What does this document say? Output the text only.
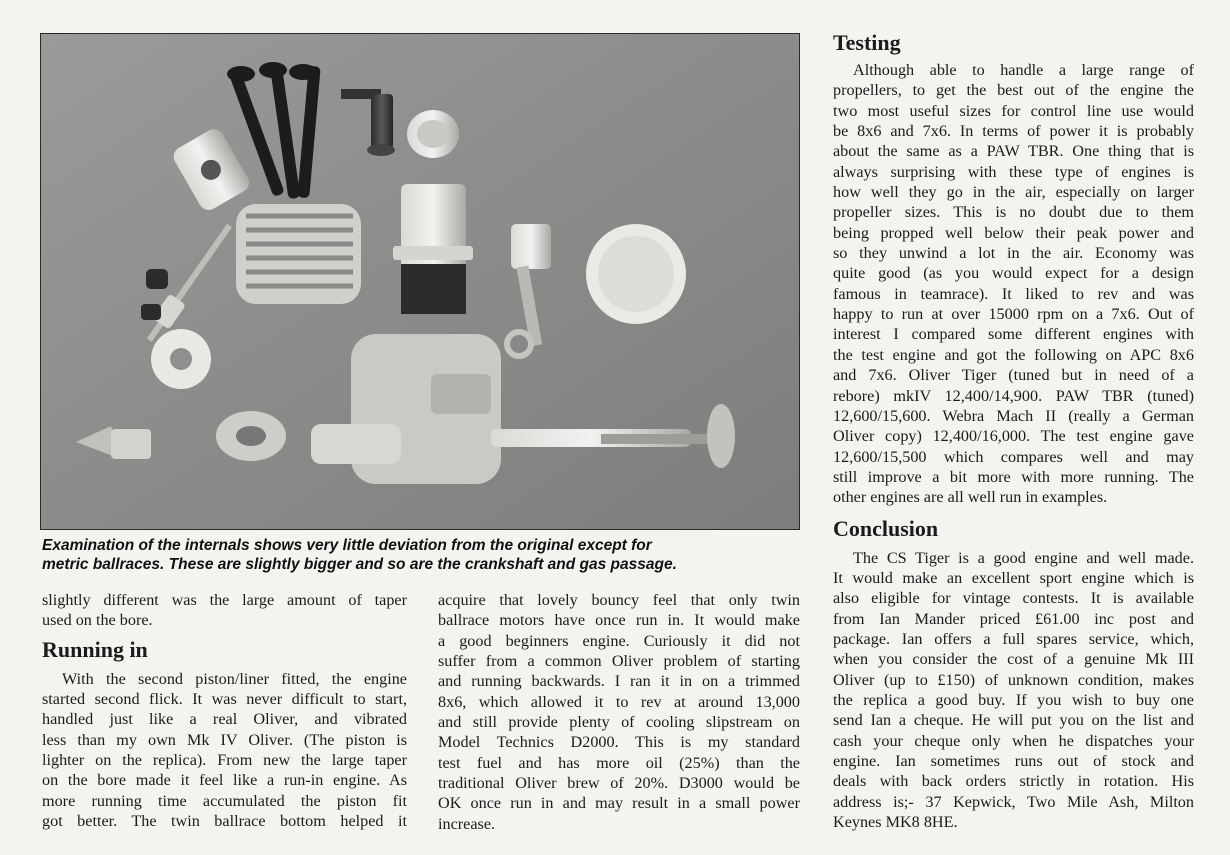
Examination of the internals shows very little deviation from the original except for
metric ballraces. These are slightly bigger and so are the crankshaft and gas passage.
slightly different was the large amount of taper
used on the bore.
Running in
With the second piston/liner fitted, the engine
started second flick. It was never difficult to start,
handled just like a real Oliver, and vibrated
less than my own Mk IV Oliver. (The piston is
lighter on the replica). From new the large taper
on the bore made it feel like a run-in engine. As
more running time accumulated the piston fit
got better. The twin ballrace bottom helped it
acquire that lovely bouncy feel that only twin
ballrace motors have once run in. It would make
a good beginners engine. Curiously it did not
suffer from a common Oliver problem of starting
and running backwards. I ran it in on a trimmed
8x6, which allowed it to rev at around 13,000
and still provide plenty of cooling slipstream on
Model Technics D2000. This is my standard
test fuel and has more oil (25%) than the
traditional Oliver brew of 20%. D3000 would be
OK once run in and may result in a small power
increase.
Testing
Although able to handle a large range of
propellers, to get the best out of the engine the
two most useful sizes for control line use would
be 8x6 and 7x6. In terms of power it is probably
about the same as a PAW TBR. One thing that is
always surprising with these type of engines is
how well they go in the air, especially on larger
propeller sizes. This is no doubt due to them
being propped well below their peak power and
so they unwind a lot in the air. Economy was
quite good (as you would expect for a design
famous in teamrace). It liked to rev and was
happy to run at over 15000 rpm on a 7x6. Out of
interest I compared some different engines with
the test engine and got the following on APC 8x6
and 7x6. Oliver Tiger (tuned but in need of a
rebore) mkIV 12,400/14,900. PAW TBR (tuned)
12,600/15,600. Webra Mach II (really a German
Oliver copy) 12,400/16,000. The test engine gave
12,600/15,500 which compares well and may
still improve a bit more with more running. The
other engines are all well run in examples.
Conclusion
The CS Tiger is a good engine and well made.
It would make an excellent sport engine which is
also eligible for vintage contests. It is available
from Ian Mander priced £61.00 inc post and
package. Ian offers a full spares service, which,
when you consider the cost of a genuine Mk III
Oliver (up to £150) of unknown condition, makes
the replica a good buy. If you wish to buy one
send Ian a cheque. He will put you on the list and
cash your cheque only when he dispatches your
engine. Ian sometimes runs out of stock and
deals with back orders strictly in rotation. His
address is;- 37 Kepwick, Two Mile Ash, Milton
Keynes MK8 8HE.
